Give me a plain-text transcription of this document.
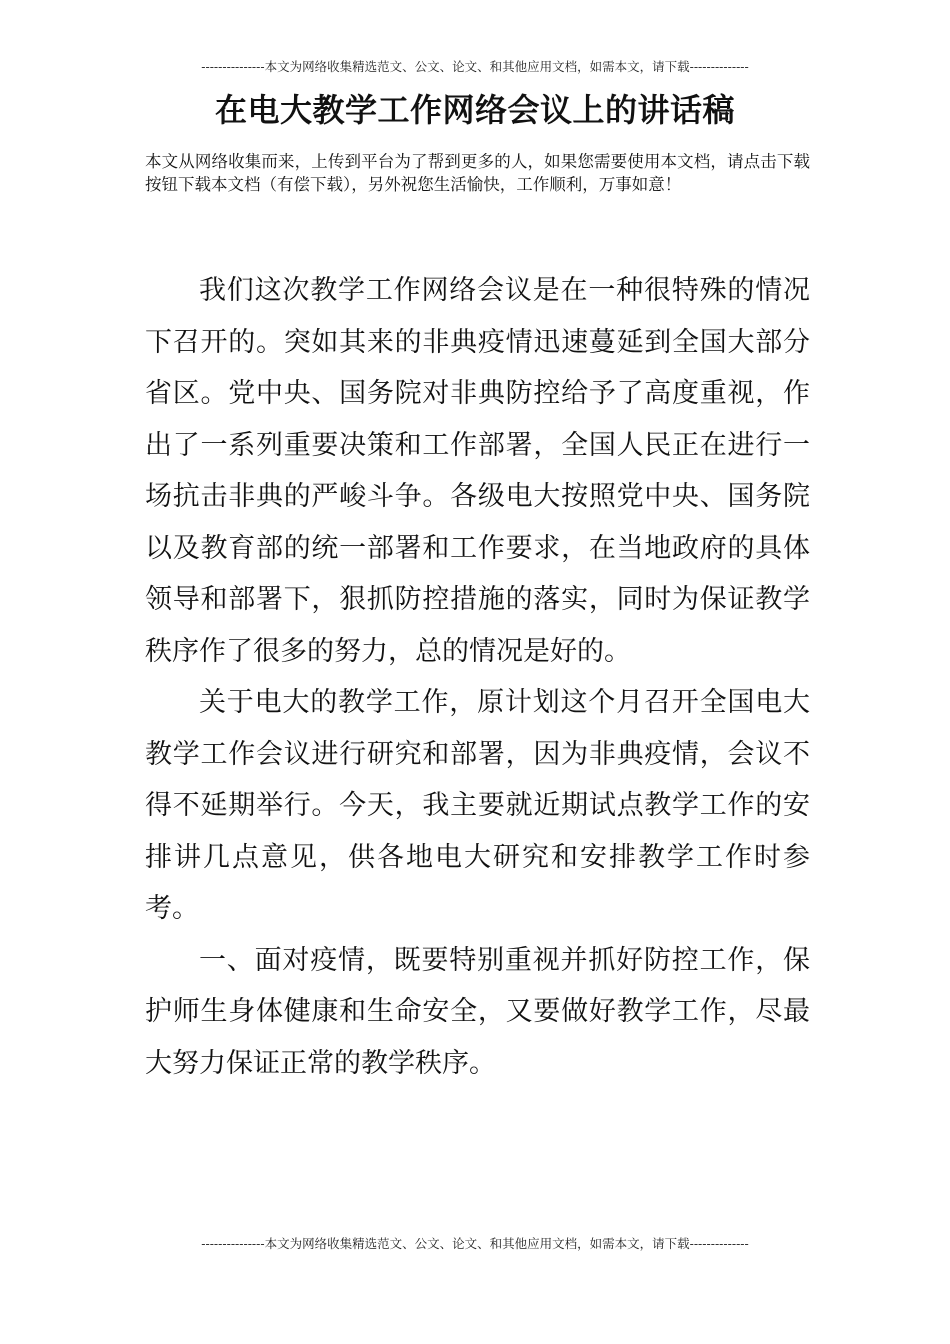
---------------本文为网络收集精选范文、公文、论文、和其他应用文档，如需本文，请下载--------------
在电大教学工作网络会议上的讲话稿

本文从网络收集而来，上传到平台为了帮到更多的人，如果您需要使用本文档，请点击下载按钮下载本文档（有偿下载），另外祝您生活愉快，工作顺利，万事如意！

我们这次教学工作网络会议是在一种很特殊的情况下召开的。突如其来的非典疫情迅速蔓延到全国大部分省区。党中央、国务院对非典防控给予了高度重视，作出了一系列重要决策和工作部署，全国人民正在进行一场抗击非典的严峻斗争。各级电大按照党中央、国务院以及教育部的统一部署和工作要求，在当地政府的具体领导和部署下，狠抓防控措施的落实，同时为保证教学秩序作了很多的努力，总的情况是好的。

关于电大的教学工作，原计划这个月召开全国电大教学工作会议进行研究和部署，因为非典疫情，会议不得不延期举行。今天，我主要就近期试点教学工作的安排讲几点意见，供各地电大研究和安排教学工作时参考。

一、面对疫情，既要特别重视并抓好防控工作，保护师生身体健康和生命安全，又要做好教学工作，尽最大努力保证正常的教学秩序。

---------------本文为网络收集精选范文、公文、论文、和其他应用文档，如需本文，请下载--------------
